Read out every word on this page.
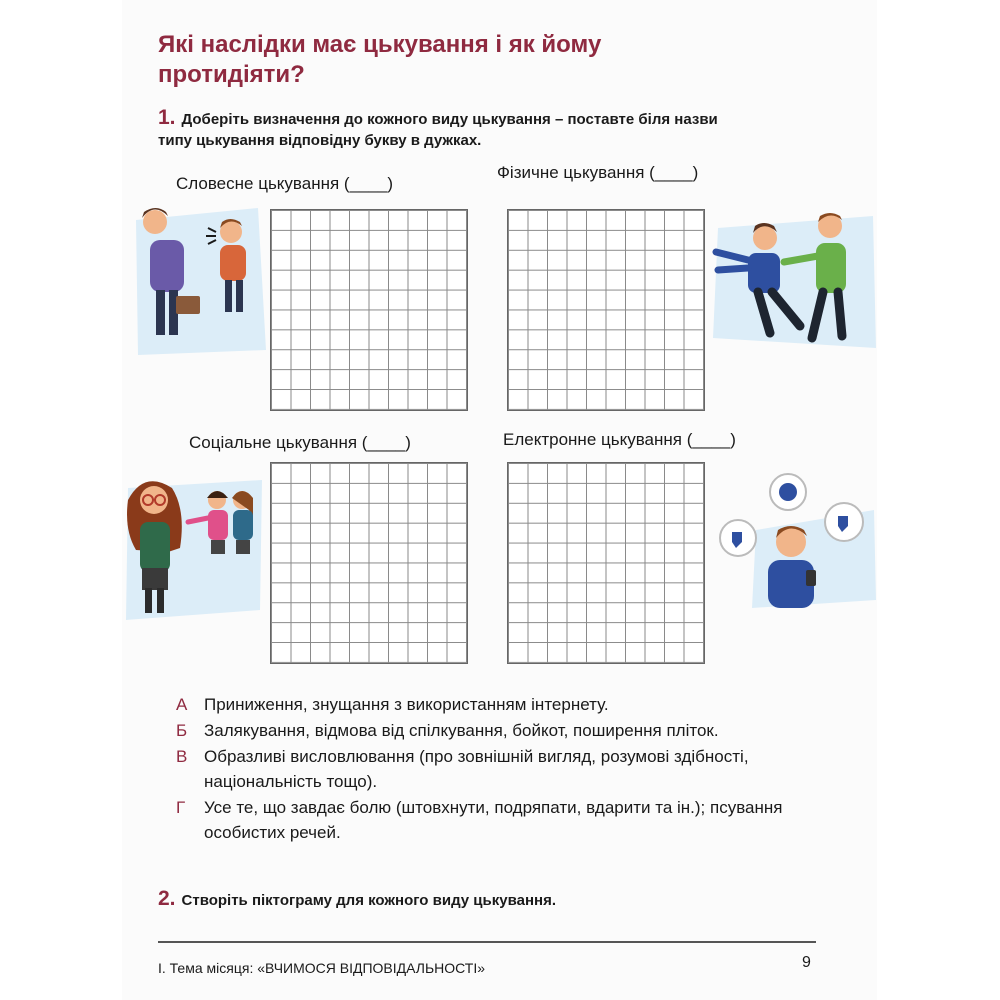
Які наслідки має цькування і як йому протидіяти?
1. Доберіть визначення до кожного виду цькування – поставте біля назви типу цькування відповідну букву в дужках.
Словесне цькування (____)
Фізичне цькування (____)
Соціальне цькування (____)	Електронне цькування (____)
А Приниження, знущання з використанням інтернету.
Б Залякування, відмова від спілкування, бойкот, поширення пліток.
В Образливі висловлювання (про зовнішній вигляд, розумові здібності, національність тощо).
Г	Усе те, що завдає болю (штовхнути, подряпати, вдарити та ін.); псування особистих речей.
2. Створіть піктограму для кожного виду цькування.
І. Тема місяця: «ВЧИМОСЯ ВІДПОВІДАЛЬНОСТІ»	9
